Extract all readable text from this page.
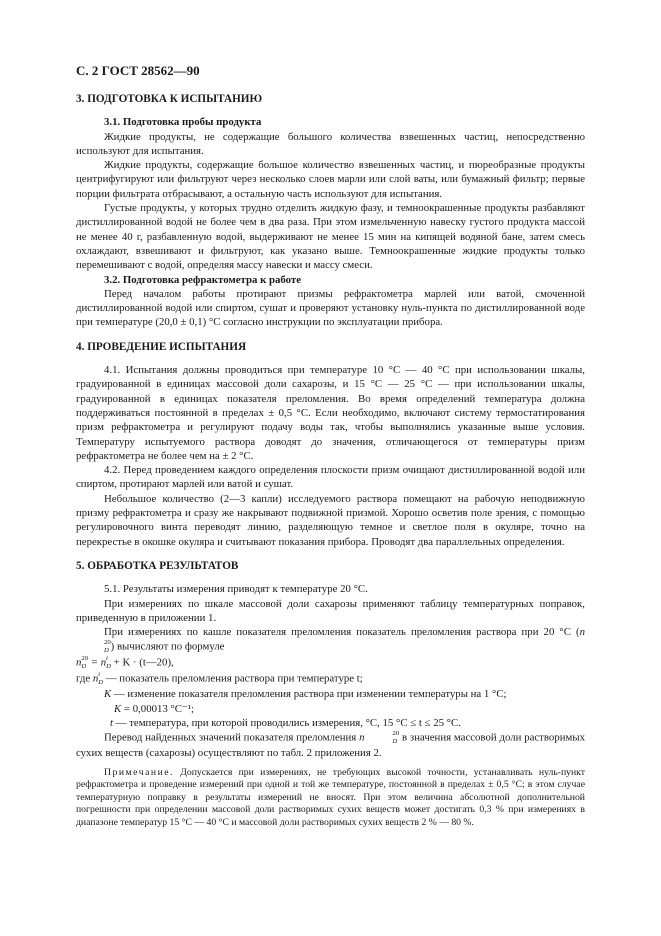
С. 2 ГОСТ 28562—90

3. ПОДГОТОВКА К ИСПЫТАНИЮ

3.1. Подготовка пробы продукта

Жидкие продукты, не содержащие большого количества взвешенных частиц, непосредственно используют для испытания.

Жидкие продукты, содержащие большое количество взвешенных частиц, и пюреобразные продукты центрифугируют или фильтруют через несколько слоев марли или слой ваты, или бумажный фильтр; первые порции фильтрата отбрасывают, а остальную часть используют для испытания.

Густые продукты, у которых трудно отделить жидкую фазу, и темноокрашенные продукты разбавляют дистиллированной водой не более чем в два раза. При этом измельченную навеску густого продукта массой не менее 40 г, разбавленную водой, выдерживают не менее 15 мин на кипящей водяной бане, затем смесь охлаждают, взвешивают и фильтруют, как указано выше. Темноокрашенные жидкие продукты только перемешивают с водой, определяя массу навески и массу смеси.

3.2. Подготовка рефрактометра к работе

Перед началом работы протирают призмы рефрактометра марлей или ватой, смоченной дистиллированной водой или спиртом, сушат и проверяют установку нуль-пункта по дистиллированной воде при температуре (20,0 ± 0,1) °С согласно инструкции по эксплуатации прибора.

4. ПРОВЕДЕНИЕ ИСПЫТАНИЯ

4.1. Испытания должны проводиться при температуре 10 °С — 40 °С при использовании шкалы, градуированной в единицах массовой доли сахарозы, и 15 °С — 25 °С — при использовании шкалы, градуированной в единицах показателя преломления. Во время определений температура должна поддерживаться постоянной в пределах ± 0,5 °С. Если необходимо, включают систему термостатирования призм рефрактометра и регулируют подачу воды так, чтобы выполнялись указанные выше условия. Температуру испытуемого раствора доводят до значения, отличающегося от температуры призм рефрактометра не более чем на ± 2 °С.

4.2. Перед проведением каждого определения плоскости призм очищают дистиллированной водой или спиртом, протирают марлей или ватой и сушат.

Небольшое количество (2—3 капли) исследуемого раствора помещают на рабочую неподвижную призму рефрактометра и сразу же накрывают подвижной призмой. Хорошо осветив поле зрения, с помощью регулировочного винта переводят линию, разделяющую темное и светлое поля в окуляре, точно на перекрестье в окошке окуляра и считывают показания прибора. Проводят два параллельных определения.

5. ОБРАБОТКА РЕЗУЛЬТАТОВ

5.1. Результаты измерения приводят к температуре 20 °С.

При измерениях по шкале массовой доли сахарозы применяют таблицу температурных поправок, приведенную в приложении 1.

При измерениях по кашле показателя преломления показатель преломления раствора при 20 °С (n
20
D ) вычисляют по формуле

n 20
D = n t
D + K · (t—20),

где n t
D — показатель преломления раствора при температуре t;

K — изменение показателя преломления раствора при изменении температуры на 1 °С;

K = 0,00013 °С⁻¹;

t — температура, при которой проводились измерения, °С, 15 °С ≤ t ≤ 25 °С.

Перевод найденных значений показателя преломления n	20
D в значения массовой доли растворимых сухих веществ (сахарозы) осуществляют по табл. 2 приложения 2.

Примечание. Допускается при измерениях, не требующих высокой точности, устанавливать нуль-пункт рефрактометра и проведение измерений при одной и той же температуре, постоянной в пределах ± 0,5 °С; в этом случае температурную поправку в результаты измерений не вносят. При этом величина абсолютной дополнительной погрешности при определении массовой доли растворимых сухих веществ может достигать 0,3 % при измерениях в диапазоне температур 15 °С — 40 °С и массовой доли растворимых сухих веществ 2 % — 80 %.
